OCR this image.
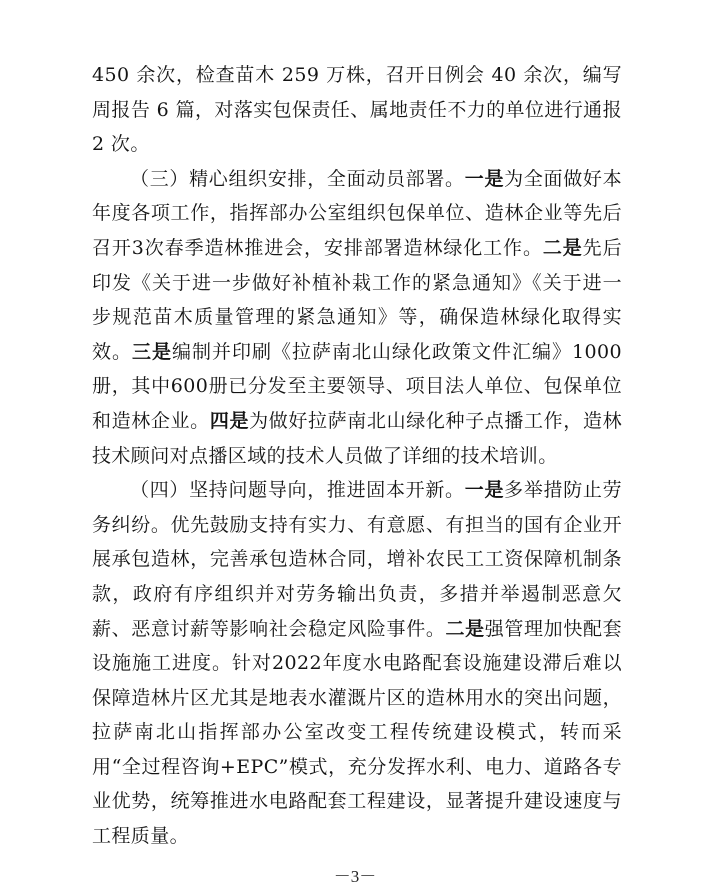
450 余次，检查苗木 259 万株，召开日例会 40 余次，编写周报告 6 篇，对落实包保责任、属地责任不力的单位进行通报 2 次。

（三）精心组织安排，全面动员部署。一是为全面做好本年度各项工作，指挥部办公室组织包保单位、造林企业等先后召开3次春季造林推进会，安排部署造林绿化工作。二是先后印发《关于进一步做好补植补栽工作的紧急通知》《关于进一步规范苗木质量管理的紧急通知》等，确保造林绿化取得实效。三是编制并印刷《拉萨南北山绿化政策文件汇编》1000册，其中600册已分发至主要领导、项目法人单位、包保单位和造林企业。四是为做好拉萨南北山绿化种子点播工作，造林技术顾问对点播区域的技术人员做了详细的技术培训。

（四）坚持问题导向，推进固本开新。一是多举措防止劳务纠纷。优先鼓励支持有实力、有意愿、有担当的国有企业开展承包造林，完善承包造林合同，增补农民工工资保障机制条款，政府有序组织并对劳务输出负责，多措并举遏制恶意欠薪、恶意讨薪等影响社会稳定风险事件。二是强管理加快配套设施施工进度。针对2022年度水电路配套设施建设滞后难以保障造林片区尤其是地表水灌溉片区的造林用水的突出问题，拉萨南北山指挥部办公室改变工程传统建设模式，转而采用“全过程咨询+EPC”模式，充分发挥水利、电力、道路各专业优势，统筹推进水电路配套工程建设，显著提升建设速度与工程质量。

－3－
